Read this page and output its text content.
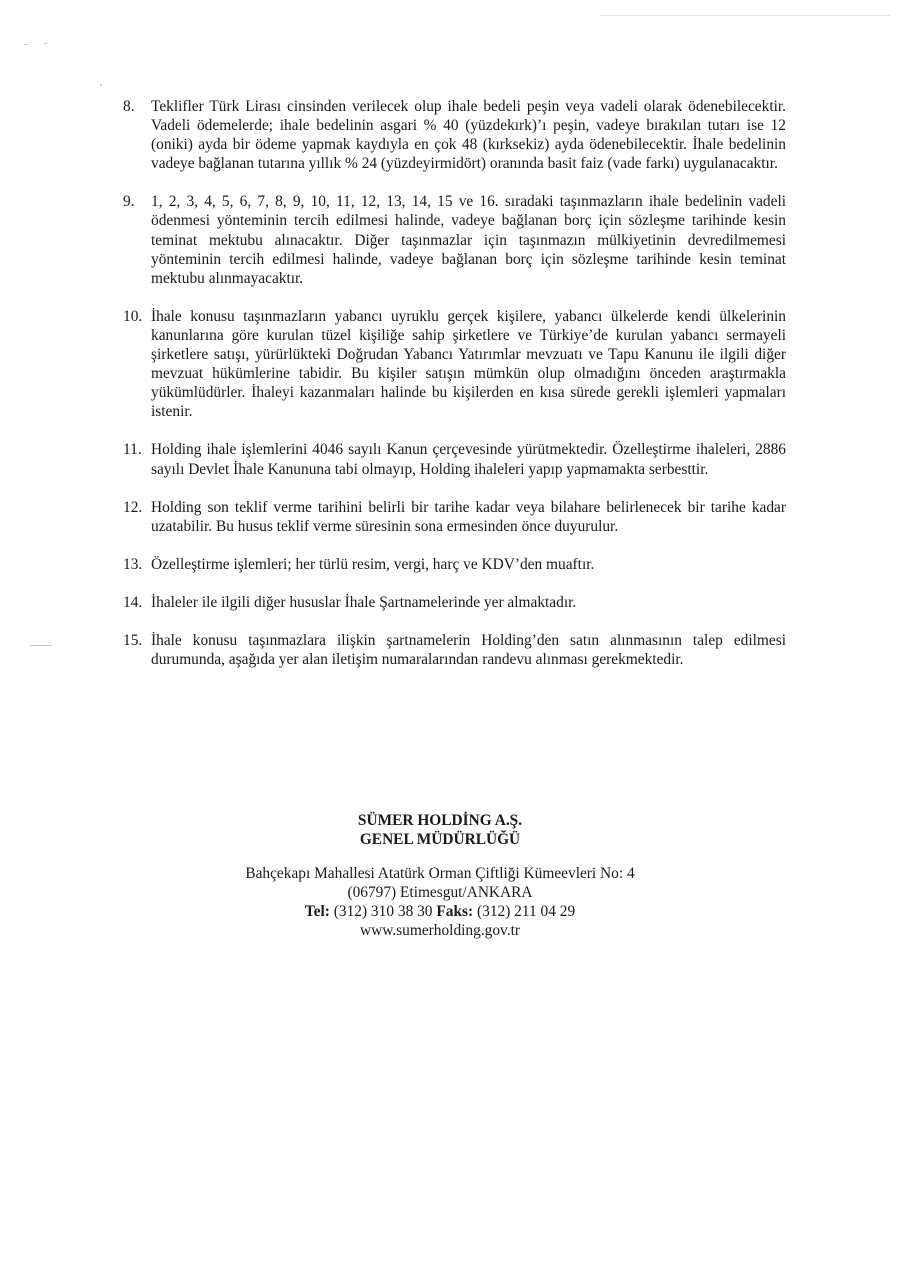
8.	Teklifler Türk Lirası cinsinden verilecek olup ihale bedeli peşin veya vadeli olarak ödenebilecektir. Vadeli ödemelerde; ihale bedelinin asgari % 40 (yüzdekırk)’ı peşin, vadeye bırakılan tutarı ise 12 (oniki) ayda bir ödeme yapmak kaydıyla en çok 48 (kırksekiz) ayda ödenebilecektir. İhale bedelinin vadeye bağlanan tutarına yıllık % 24 (yüzdeyirmidört) oranında basit faiz (vade farkı) uygulanacaktır.
9.	1, 2, 3, 4, 5, 6, 7, 8, 9, 10, 11, 12, 13, 14, 15 ve 16. sıradaki taşınmazların ihale bedelinin vadeli ödenmesi yönteminin tercih edilmesi halinde, vadeye bağlanan borç için sözleşme tarihinde kesin teminat mektubu alınacaktır. Diğer taşınmazlar için taşınmazın mülkiyetinin devredilmemesi yönteminin tercih edilmesi halinde, vadeye bağlanan borç için sözleşme tarihinde kesin teminat mektubu alınmayacaktır.
10. İhale konusu taşınmazların yabancı uyruklu gerçek kişilere, yabancı ülkelerde kendi ülkelerinin kanunlarına göre kurulan tüzel kişiliğe sahip şirketlere ve Türkiye’de kurulan yabancı sermayeli şirketlere satışı, yürürlükteki Doğrudan Yabancı Yatırımlar mevzuatı ve Tapu Kanunu ile ilgili diğer mevzuat hükümlerine tabidir. Bu kişiler satışın mümkün olup olmadığını önceden araştırmakla yükümlüdürler. İhaleyi kazanmaları halinde bu kişilerden en kısa sürede gerekli işlemleri yapmaları istenir.
11. Holding ihale işlemlerini 4046 sayılı Kanun çerçevesinde yürütmektedir. Özelleştirme ihaleleri, 2886 sayılı Devlet İhale Kanununa tabi olmayıp, Holding ihaleleri yapıp yapmamakta serbesttir.
12. Holding son teklif verme tarihini belirli bir tarihe kadar veya bilahare belirlenecek bir tarihe kadar uzatabilir. Bu husus teklif verme süresinin sona ermesinden önce duyurulur.
13. Özelleştirme işlemleri; her türlü resim, vergi, harç ve KDV’den muaftır.
14. İhaleler ile ilgili diğer hususlar İhale Şartnamelerinde yer almaktadır.
15. İhale konusu taşınmazlara ilişkin şartnamelerin Holding’den satın alınmasının talep edilmesi durumunda, aşağıda yer alan iletişim numaralarından randevu alınması gerekmektedir.
SÜMER HOLDİNG A.Ş.
GENEL MÜDÜRLÜĞÜ
Bahçekapı Mahallesi Atatürk Orman Çiftliği Kümeevleri No: 4
(06797) Etimesgut/ANKARA
Tel: (312) 310 38 30 Faks: (312) 211 04 29
www.sumerholding.gov.tr
